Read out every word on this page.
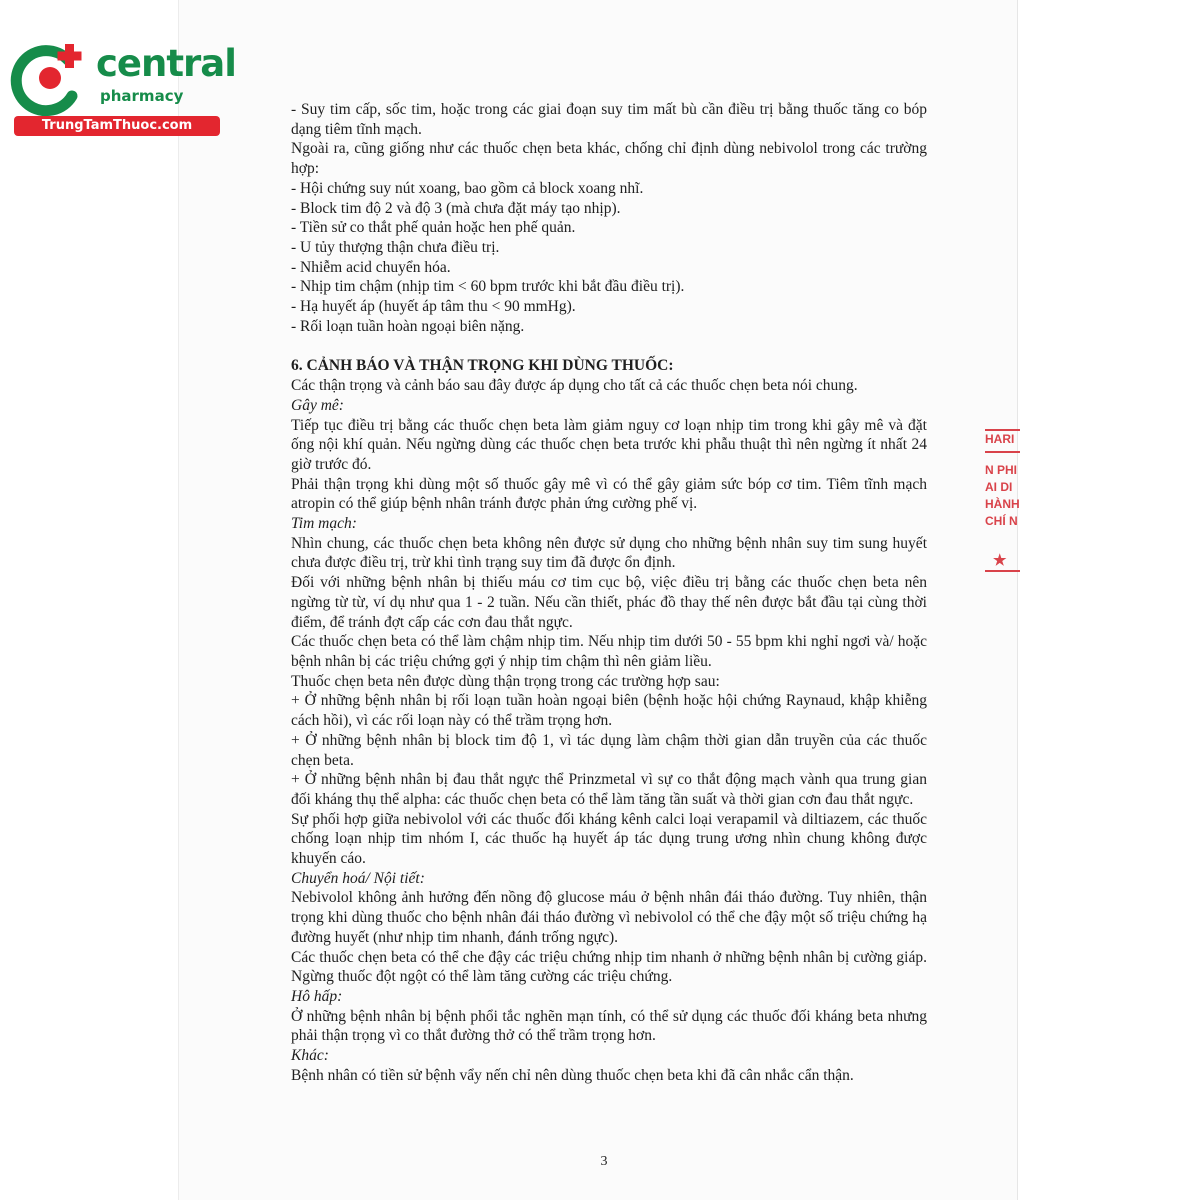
central
pharmacy
TrungTamThuoc.com

- Suy tim cấp, sốc tim, hoặc trong các giai đoạn suy tim mất bù cần điều trị bằng thuốc tăng co bóp dạng tiêm tĩnh mạch.

Ngoài ra, cũng giống như các thuốc chẹn beta khác, chống chỉ định dùng nebivolol trong các trường hợp:

- Hội chứng suy nút xoang, bao gồm cả block xoang nhĩ.

- Block tim độ 2 và độ 3 (mà chưa đặt máy tạo nhịp).

- Tiền sử co thắt phế quản hoặc hen phế quản.

- U tủy thượng thận chưa điều trị.

- Nhiễm acid chuyển hóa.

- Nhịp tim chậm (nhịp tim < 60 bpm trước khi bắt đầu điều trị).

- Hạ huyết áp (huyết áp tâm thu < 90 mmHg).

- Rối loạn tuần hoàn ngoại biên nặng.

6. CẢNH BÁO VÀ THẬN TRỌNG KHI DÙNG THUỐC:

Các thận trọng và cảnh báo sau đây được áp dụng cho tất cả các thuốc chẹn beta nói chung.

Gây mê:

Tiếp tục điều trị bằng các thuốc chẹn beta làm giảm nguy cơ loạn nhịp tim trong khi gây mê và đặt ống nội khí quản. Nếu ngừng dùng các thuốc chẹn beta trước khi phẫu thuật thì nên ngừng ít nhất 24 giờ trước đó.

Phải thận trọng khi dùng một số thuốc gây mê vì có thể gây giảm sức bóp cơ tim. Tiêm tĩnh mạch atropin có thể giúp bệnh nhân tránh được phản ứng cường phế vị.

Tim mạch:

Nhìn chung, các thuốc chẹn beta không nên được sử dụng cho những bệnh nhân suy tim sung huyết chưa được điều trị, trừ khi tình trạng suy tim đã được ổn định.

Đối với những bệnh nhân bị thiếu máu cơ tim cục bộ, việc điều trị bằng các thuốc chẹn beta nên ngừng từ từ, ví dụ như qua 1 - 2 tuần. Nếu cần thiết, phác đồ thay thế nên được bắt đầu tại cùng thời điểm, để tránh đợt cấp các cơn đau thắt ngực.

Các thuốc chẹn beta có thể làm chậm nhịp tim. Nếu nhịp tim dưới 50 - 55 bpm khi nghỉ ngơi và/ hoặc bệnh nhân bị các triệu chứng gợi ý nhịp tim chậm thì nên giảm liều.

Thuốc chẹn beta nên được dùng thận trọng trong các trường hợp sau:

+ Ở những bệnh nhân bị rối loạn tuần hoàn ngoại biên (bệnh hoặc hội chứng Raynaud, khập khiễng cách hồi), vì các rối loạn này có thể trầm trọng hơn.

+ Ở những bệnh nhân bị block tim độ 1, vì tác dụng làm chậm thời gian dẫn truyền của các thuốc chẹn beta.

+ Ở những bệnh nhân bị đau thắt ngực thể Prinzmetal vì sự co thắt động mạch vành qua trung gian đối kháng thụ thể alpha: các thuốc chẹn beta có thể làm tăng tần suất và thời gian cơn đau thắt ngực.

Sự phối hợp giữa nebivolol với các thuốc đối kháng kênh calci loại verapamil và diltiazem, các thuốc chống loạn nhịp tim nhóm I, các thuốc hạ huyết áp tác dụng trung ương nhìn chung không được khuyến cáo.

Chuyển hoá/ Nội tiết:

Nebivolol không ảnh hưởng đến nồng độ glucose máu ở bệnh nhân đái tháo đường. Tuy nhiên, thận trọng khi dùng thuốc cho bệnh nhân đái tháo đường vì nebivolol có thể che đậy một số triệu chứng hạ đường huyết (như nhịp tim nhanh, đánh trống ngực).

Các thuốc chẹn beta có thể che đậy các triệu chứng nhịp tim nhanh ở những bệnh nhân bị cường giáp. Ngừng thuốc đột ngột có thể làm tăng cường các triệu chứng.

Hô hấp:

Ở những bệnh nhân bị bệnh phổi tắc nghẽn mạn tính, có thể sử dụng các thuốc đối kháng beta nhưng phải thận trọng vì co thắt đường thở có thể trầm trọng hơn.

Khác:

Bệnh nhân có tiền sử bệnh vẩy nến chỉ nên dùng thuốc chẹn beta khi đã cân nhắc cẩn thận.

3
HARI
N PHI
AI DI
HÀNH
CHÍ N
★
